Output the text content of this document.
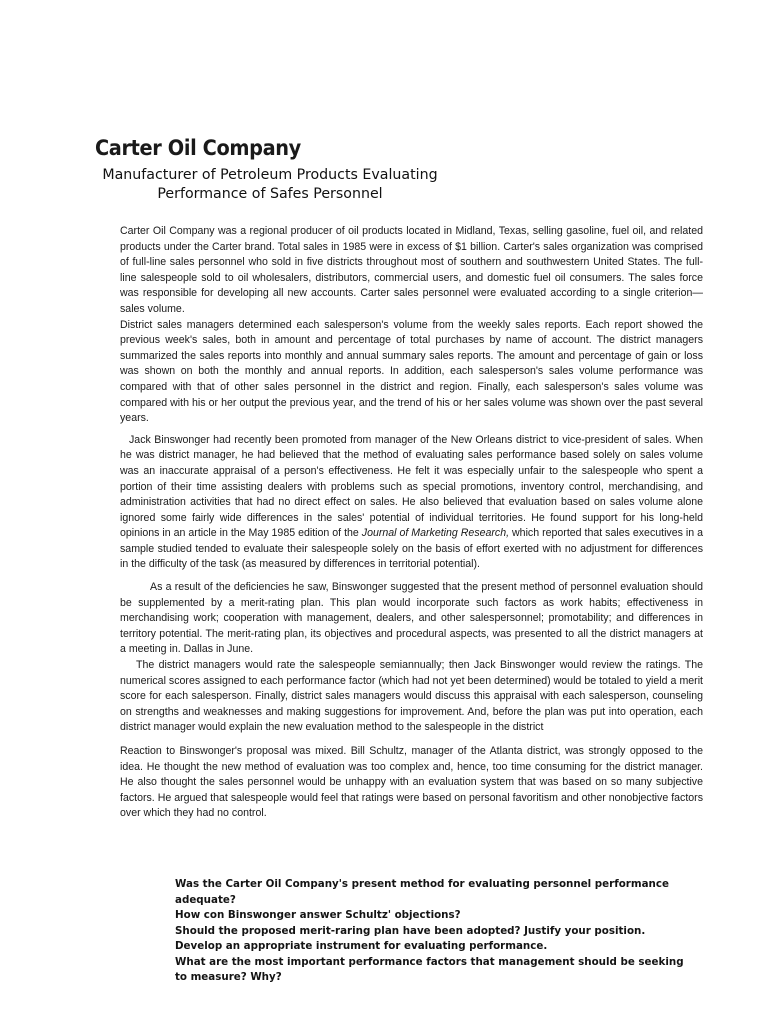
Carter Oil Company
Manufacturer of Petroleum Products Evaluating
Performance of Safes Personnel

Carter Oil Company was a regional producer of oil products located in Midland, Texas, selling gasoline, fuel oil, and related products under the Carter brand. Total sales in 1985 were in excess of $1 billion. Carter's sales organization was comprised of full-line sales personnel who sold in five districts throughout most of southern and southwestern United States. The full-line salespeople sold to oil wholesalers, distributors, commercial users, and domestic fuel oil consumers. The sales force was responsible for developing all new accounts. Carter sales personnel were evaluated according to a single criterion—sales volume.

District sales managers determined each salesperson's volume from the weekly sales reports. Each report showed the previous week's sales, both in amount and percentage of total purchases by name of account. The district managers summarized the sales reports into monthly and annual summary sales reports. The amount and percentage of gain or loss was shown on both the monthly and annual reports. In addition, each salesperson's sales volume performance was compared with that of other sales personnel in the district and region. Finally, each salesperson's sales volume was compared with his or her output the previous year, and the trend of his or her sales volume was shown over the past several years.

Jack Binswonger had recently been promoted from manager of the New Orleans district to vice-president of sales. When he was district manager, he had believed that the method of evaluating sales performance based solely on sales volume was an inaccurate appraisal of a person's effectiveness. He felt it was especially unfair to the salespeople who spent a portion of their time assisting dealers with problems such as special promotions, inventory control, merchandising, and administration activities that had no direct effect on sales. He also believed that evaluation based on sales volume alone ignored some fairly wide differences in the sales' potential of individual territories. He found support for his long-held opinions in an article in the May 1985 edition of the Journal of Marketing Research, which reported that sales executives in a sample studied tended to evaluate their salespeople solely on the basis of effort exerted with no adjustment for differences in the difficulty of the task (as measured by differences in territorial potential).

As a result of the deficiencies he saw, Binswonger suggested that the present method of personnel evaluation should be supplemented by a merit-rating plan. This plan would incorporate such factors as work habits; effectiveness in merchandising work; cooperation with management, dealers, and other salespersonnel; promotability; and differences in territory potential. The merit-rating plan, its objectives and procedural aspects, was presented to all the district managers at a meeting in. Dallas in June.

The district managers would rate the salespeople semiannually; then Jack Binswonger would review the ratings. The numerical scores assigned to each performance factor (which had not yet been determined) would be totaled to yield a merit score for each salesperson. Finally, district sales managers would discuss this appraisal with each salesperson, counseling on strengths and weaknesses and making suggestions for improvement. And, before the plan was put into operation, each district manager would explain the new evaluation method to the salespeople in the district

Reaction to Binswonger's proposal was mixed. Bill Schultz, manager of the Atlanta district, was strongly opposed to the idea. He thought the new method of evaluation was too complex and, hence, too time consuming for the district manager. He also thought the sales personnel would be unhappy with an evaluation system that was based on so many subjective factors. He argued that salespeople would feel that ratings were based on personal favoritism and other nonobjective factors over which they had no control.

Was the Carter Oil Company's present method for evaluating personnel performance adequate?

How con Binswonger answer Schultz' objections?

Should the proposed merit-raring plan have been adopted? Justify your position. Develop an appropriate instrument for evaluating performance.

What are the most important performance factors that management should be seeking to measure? Why?
